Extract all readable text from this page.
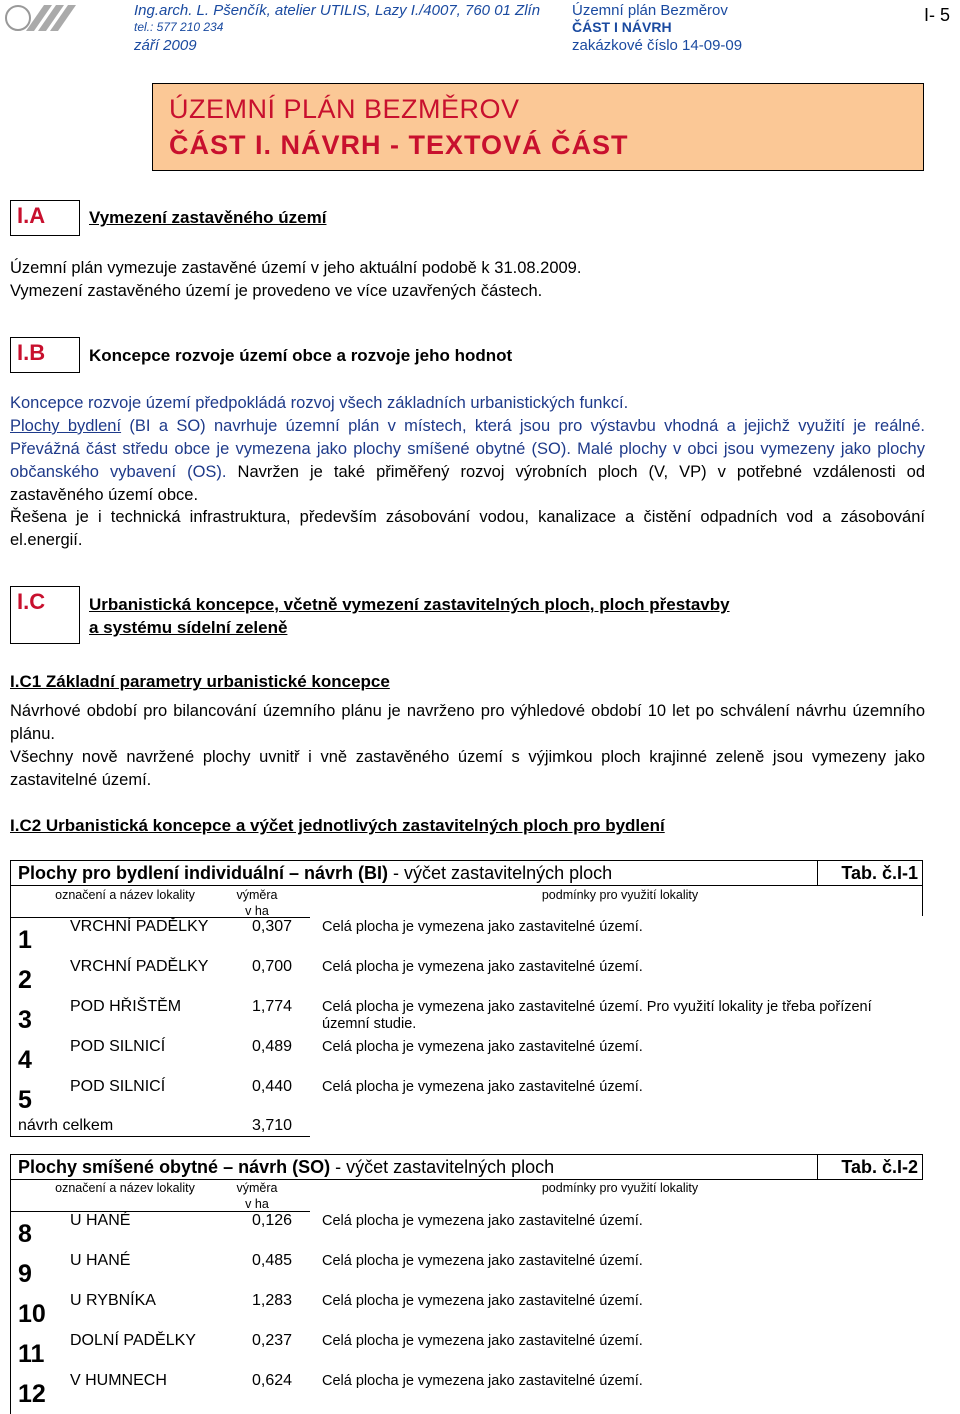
Ing.arch. L. Pšenčík, atelier UTILIS, Lazy I./4007, 760 01 Zlín
tel.: 577 210 234
září 2009
Územní plán Bezměrov
ČÁST I NÁVRH
zakázkové číslo 14-09-09
I- 5
ÚZEMNÍ PLÁN BEZMĚROV
ČÁST I. NÁVRH - TEXTOVÁ ČÁST
I.A	Vymezení zastavěného území
Územní plán vymezuje zastavěné území v jeho aktuální podobě k 31.08.2009.
Vymezení zastavěného území je provedeno ve více uzavřených částech.
I.B	Koncepce rozvoje území obce a rozvoje jeho hodnot
Koncepce rozvoje území předpokládá rozvoj všech základních urbanistických funkcí.
Plochy bydlení (BI a SO) navrhuje územní plán v místech, která jsou pro výstavbu vhodná a jejichž využití je reálné. Převážná část středu obce je vymezena jako plochy smíšené obytné (SO). Malé plochy v obci jsou vymezeny jako plochy občanského vybavení (OS). Navržen je také přiměřený rozvoj výrobních ploch (V, VP) v potřebné vzdálenosti od zastavěného území obce.
Řešena je i technická infrastruktura, především zásobování vodou, kanalizace a čistění odpadních vod a zásobování el.energií.
I.C	Urbanistická koncepce, včetně vymezení zastavitelných ploch, ploch přestavby
a systému sídelní zeleně
I.C1 Základní parametry urbanistické koncepce
Návrhové období pro bilancování územního plánu je navrženo pro výhledové období 10 let po schválení návrhu územního plánu.
Všechny nově navržené plochy uvnitř i vně zastavěného území s výjimkou ploch krajinné zeleně jsou vymezeny jako zastavitelné území.
I.C2 Urbanistická koncepce a výčet jednotlivých zastavitelných ploch pro bydlení
Plochy pro bydlení individuální – návrh (BI) - výčet zastavitelných ploch	Tab. č.I-1
označení a název lokality	výměra
v ha
podmínky pro využití lokality
1 VRCHNÍ PADĚLKY	0,307 Celá plocha je vymezena jako zastavitelné území.
2 VRCHNÍ PADĚLKY	0,700 Celá plocha je vymezena jako zastavitelné území.
3 POD HŘIŠTĚM	1,774 Celá plocha je vymezena jako zastavitelné území. Pro využití lokality je třeba pořízení územní studie.
4 POD SILNICÍ	0,489 Celá plocha je vymezena jako zastavitelné území.
5 POD SILNICÍ	0,440 Celá plocha je vymezena jako zastavitelné území.
návrh celkem	3,710
Plochy smíšené obytné – návrh (SO) - výčet zastavitelných ploch	Tab. č.I-2
označení a název lokality	výměra
v ha
podmínky pro využití lokality
8 U HANÉ	0,126 Celá plocha je vymezena jako zastavitelné území.
9 U HANÉ	0,485 Celá plocha je vymezena jako zastavitelné území.
10 U RYBNÍKA	1,283 Celá plocha je vymezena jako zastavitelné území.
11 DOLNÍ PADĚLKY	0,237 Celá plocha je vymezena jako zastavitelné území.
12 V HUMNECH	0,624 Celá plocha je vymezena jako zastavitelné území.
